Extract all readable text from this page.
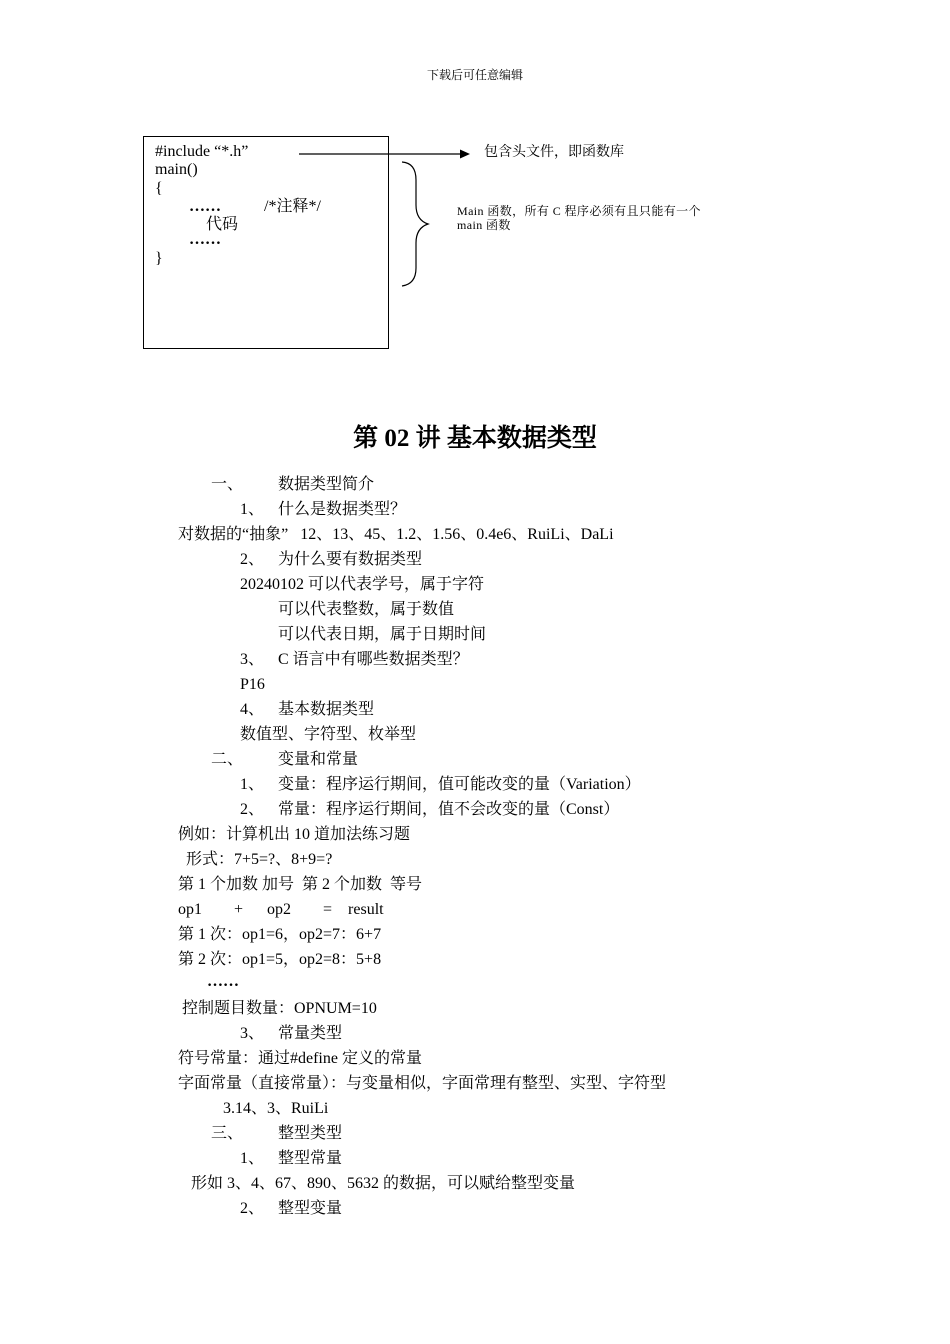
下载后可任意编辑
#include “*.h”
main()
{
……	/*注释*/
代码
……
}
包含头文件，即函数库
Main 函数，所有 C 程序必须有且只能有一个
main 函数
第 02 讲 基本数据类型
一、 数据类型简介
1、 什么是数据类型？
对数据的“抽象”   12、13、45、1.2、1.56、0.4e6、RuiLi、DaLi
2、 为什么要有数据类型
20240102 可以代表学号，属于字符
可以代表整数，属于数值
可以代表日期，属于日期时间
3、 C 语言中有哪些数据类型？
P16
4、 基本数据类型
数值型、字符型、枚举型
二、 变量和常量
1、 变量：程序运行期间，值可能改变的量（Variation）
2、 常量：程序运行期间，值不会改变的量（Const）
例如：计算机出 10 道加法练习题
形式：7+5=?、8+9=?
第 1 个加数 加号  第 2 个加数  等号
op1        +      op2        =    result
第 1 次：op1=6，op2=7：6+7
第 2 次：op1=5，op2=8：5+8
……
控制题目数量：OPNUM=10
3、 常量类型
符号常量：通过#define 定义的常量
字面常量（直接常量）：与变量相似，字面常理有整型、实型、字符型
3.14、3、RuiLi
三、 整型类型
1、 整型常量
形如 3、4、67、890、5632 的数据，可以赋给整型变量
2、 整型变量
